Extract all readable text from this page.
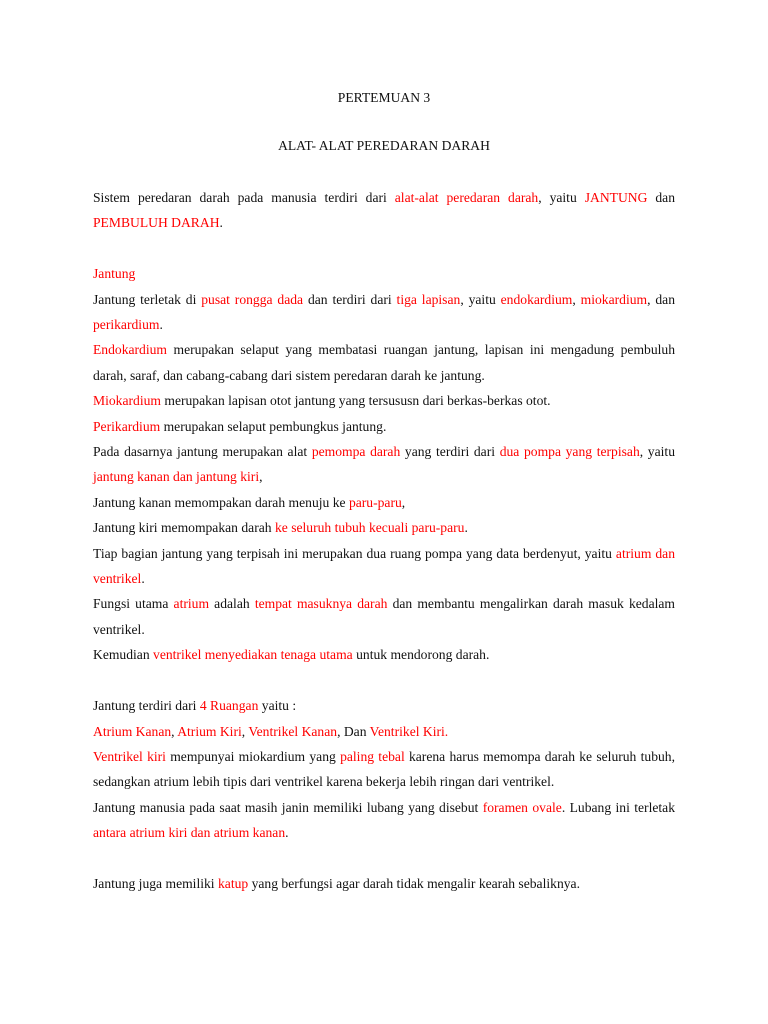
PERTEMUAN 3
ALAT- ALAT PEREDARAN DARAH

Sistem peredaran darah pada manusia terdiri dari alat-alat peredaran darah, yaitu JANTUNG dan PEMBULUH DARAH.

Jantung

Jantung terletak di pusat rongga dada dan terdiri dari tiga lapisan, yaitu endokardium, miokardium, dan perikardium.

Endokardium merupakan selaput yang membatasi ruangan jantung, lapisan ini mengadung pembuluh darah, saraf, dan cabang-cabang dari sistem peredaran darah ke jantung.

Miokardium merupakan lapisan otot jantung yang tersususn dari berkas-berkas otot.

Perikardium merupakan selaput pembungkus jantung.

Pada dasarnya jantung merupakan alat pemompa darah yang terdiri dari dua pompa yang terpisah, yaitu jantung kanan dan jantung kiri,

Jantung kanan memompakan darah menuju ke paru-paru,

Jantung kiri memompakan darah ke seluruh tubuh kecuali paru-paru.

Tiap bagian jantung yang terpisah ini merupakan dua ruang pompa yang data berdenyut, yaitu atrium dan ventrikel.

Fungsi utama atrium adalah tempat masuknya darah dan membantu mengalirkan darah masuk kedalam ventrikel.

Kemudian ventrikel menyediakan tenaga utama untuk mendorong darah.

Jantung terdiri dari 4 Ruangan yaitu :

Atrium Kanan, Atrium Kiri, Ventrikel Kanan, Dan Ventrikel Kiri.

Ventrikel kiri mempunyai miokardium yang paling tebal karena harus memompa darah ke seluruh tubuh, sedangkan atrium lebih tipis dari ventrikel karena bekerja lebih ringan dari ventrikel.

Jantung manusia pada saat masih janin memiliki lubang yang disebut foramen ovale. Lubang ini terletak antara atrium kiri dan atrium kanan.

Jantung juga memiliki katup yang berfungsi agar darah tidak mengalir kearah sebaliknya.
